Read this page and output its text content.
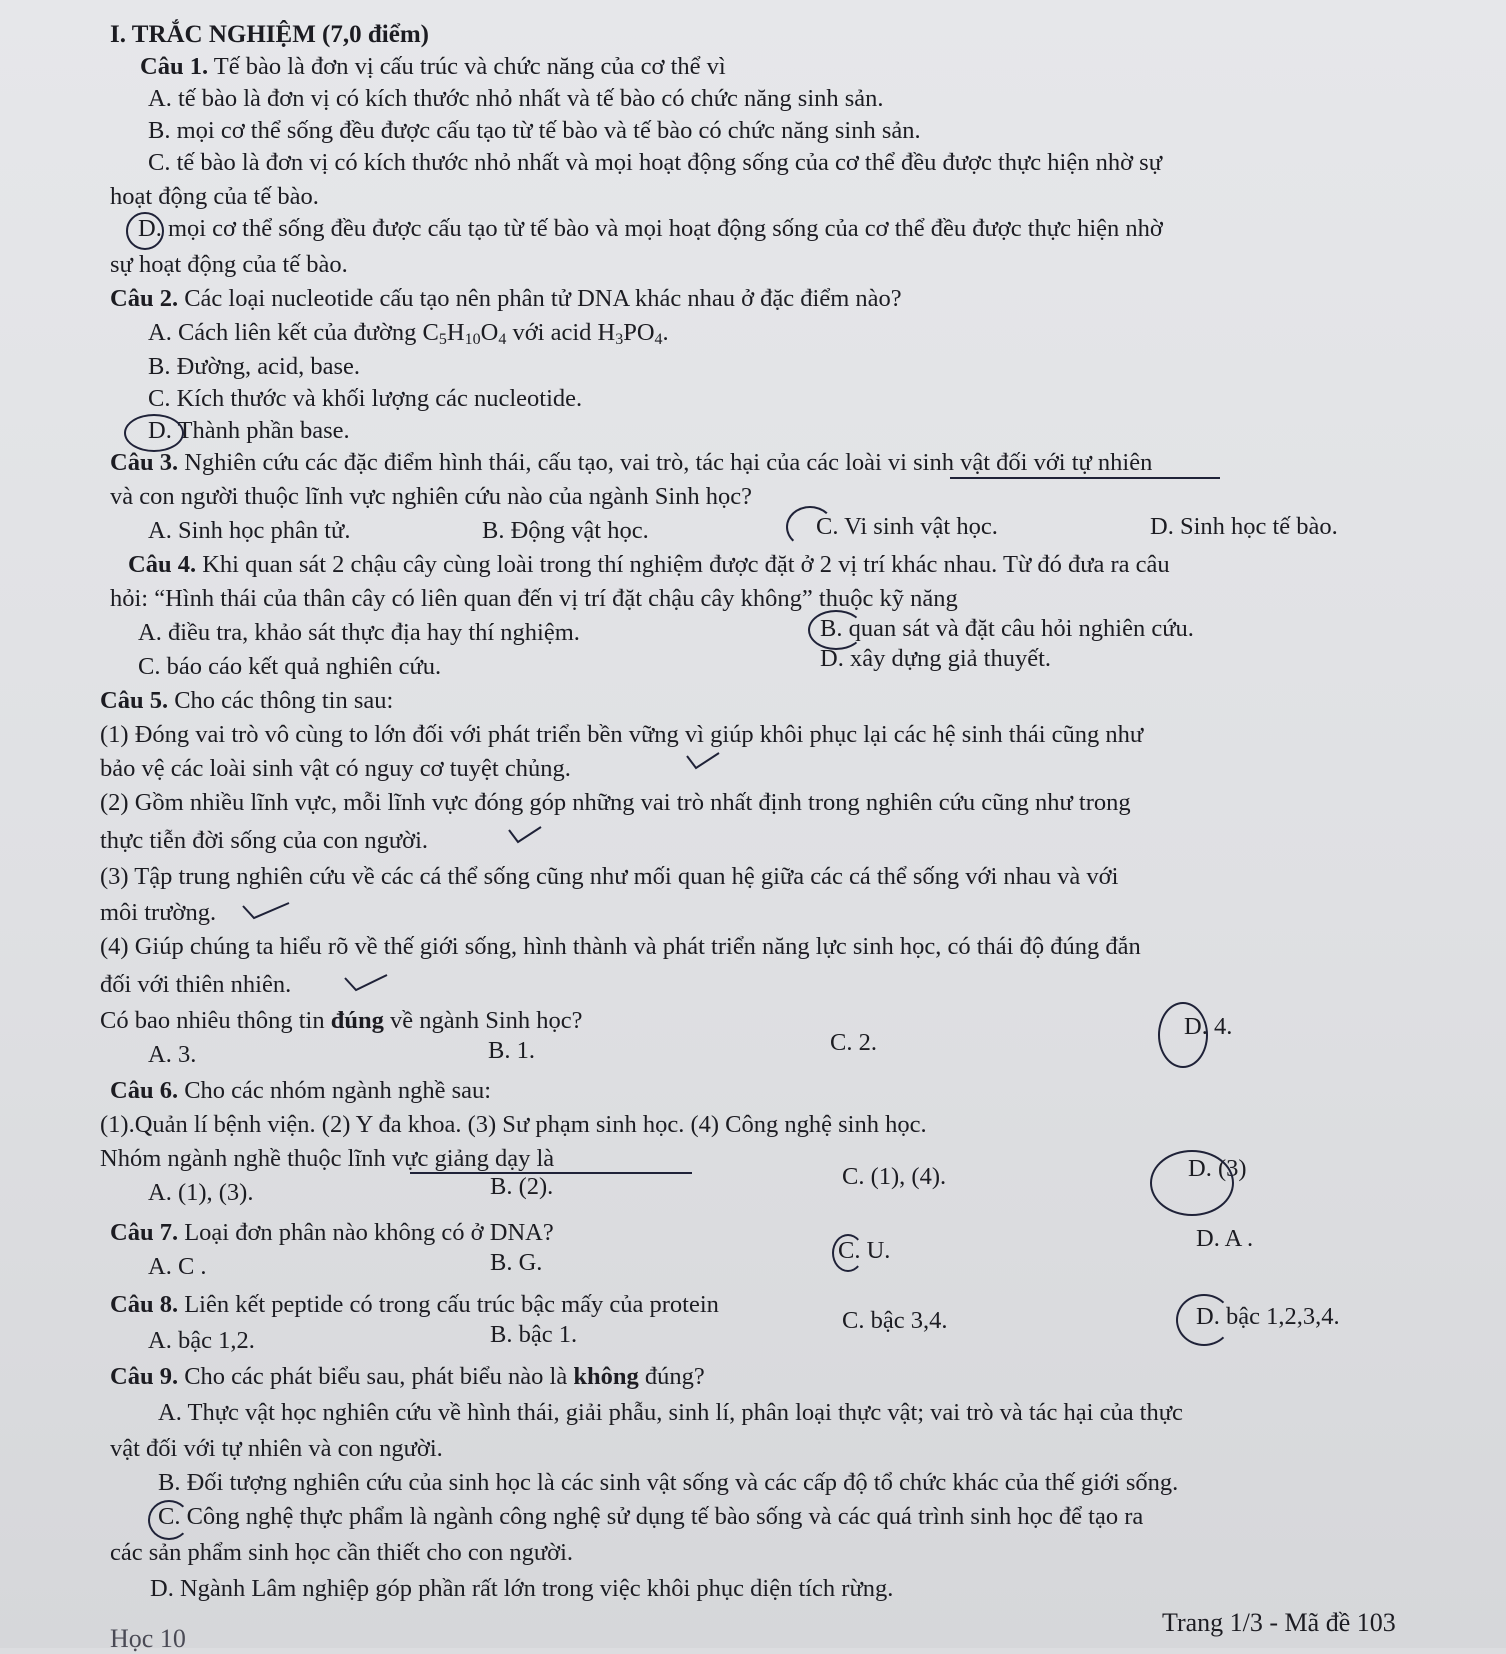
I. TRẮC NGHIỆM (7,0 điểm)
Câu 1. Tế bào là đơn vị cấu trúc và chức năng của cơ thể vì
A. tế bào là đơn vị có kích thước nhỏ nhất và tế bào có chức năng sinh sản.
B. mọi cơ thể sống đều được cấu tạo từ tế bào và tế bào có chức năng sinh sản.
C. tế bào là đơn vị có kích thước nhỏ nhất và mọi hoạt động sống của cơ thể đều được thực hiện nhờ sự
hoạt động của tế bào.
D. mọi cơ thể sống đều được cấu tạo từ tế bào và mọi hoạt động sống của cơ thể đều được thực hiện nhờ
sự hoạt động của tế bào.
Câu 2. Các loại nucleotide cấu tạo nên phân tử DNA khác nhau ở đặc điểm nào?
A. Cách liên kết của đường $C_5H_{10}O_4$ với acid $H_3PO_4$.
B. Đường, acid, base.
C. Kích thước và khối lượng các nucleotide.
D. Thành phần base.
Câu 3. Nghiên cứu các đặc điểm hình thái, cấu tạo, vai trò, tác hại của các loài vi sinh vật đối với tự nhiên
và con người thuộc lĩnh vực nghiên cứu nào của ngành Sinh học?
A. Sinh học phân tử.	B. Động vật học.	C. Vi sinh vật học.	D. Sinh học tế bào.
Câu 4. Khi quan sát 2 chậu cây cùng loài trong thí nghiệm được đặt ở 2 vị trí khác nhau. Từ đó đưa ra câu
hỏi: “Hình thái của thân cây có liên quan đến vị trí đặt chậu cây không” thuộc kỹ năng
A. điều tra, khảo sát thực địa hay thí nghiệm.	B. quan sát và đặt câu hỏi nghiên cứu.
C. báo cáo kết quả nghiên cứu.	D. xây dựng giả thuyết.
Câu 5. Cho các thông tin sau:
(1) Đóng vai trò vô cùng to lớn đối với phát triển bền vững vì giúp khôi phục lại các hệ sinh thái cũng như
bảo vệ các loài sinh vật có nguy cơ tuyệt chủng.
(2) Gồm nhiều lĩnh vực, mỗi lĩnh vực đóng góp những vai trò nhất định trong nghiên cứu cũng như trong
thực tiễn đời sống của con người.
(3) Tập trung nghiên cứu về các cá thể sống cũng như mối quan hệ giữa các cá thể sống với nhau và với
môi trường.
(4) Giúp chúng ta hiểu rõ về thế giới sống, hình thành và phát triển năng lực sinh học, có thái độ đúng đắn
đối với thiên nhiên.
Có bao nhiêu thông tin đúng về ngành Sinh học?
A. 3.	B. 1.	C. 2.
D. 4.
Câu 6. Cho các nhóm ngành nghề sau:
(1).Quản lí bệnh viện. (2) Y đa khoa. (3) Sư phạm sinh học. (4) Công nghệ sinh học.
Nhóm ngành nghề thuộc lĩnh vực giảng dạy là
A. (1), (3).	B. (2).	C. (1), (4).	D. (3)
Câu 7. Loại đơn phân nào không có ở DNA?
A. C .	B. G.	C. U.	D. A .
Câu 8. Liên kết peptide có trong cấu trúc bậc mấy của protein
A. bậc 1,2.	B. bậc 1.
C. bậc 3,4.	D. bậc 1,2,3,4.
Câu 9. Cho các phát biểu sau, phát biểu nào là không đúng?
A. Thực vật học nghiên cứu về hình thái, giải phẫu, sinh lí, phân loại thực vật; vai trò và tác hại của thực
vật đối với tự nhiên và con người.
B. Đối tượng nghiên cứu của sinh học là các sinh vật sống và các cấp độ tổ chức khác của thế giới sống.
C. Công nghệ thực phẩm là ngành công nghệ sử dụng tế bào sống và các quá trình sinh học để tạo ra
các sản phẩm sinh học cần thiết cho con người.
D. Ngành Lâm nghiệp góp phần rất lớn trong việc khôi phục diện tích rừng.
Học 10
Trang 1/3 - Mã đề 103
